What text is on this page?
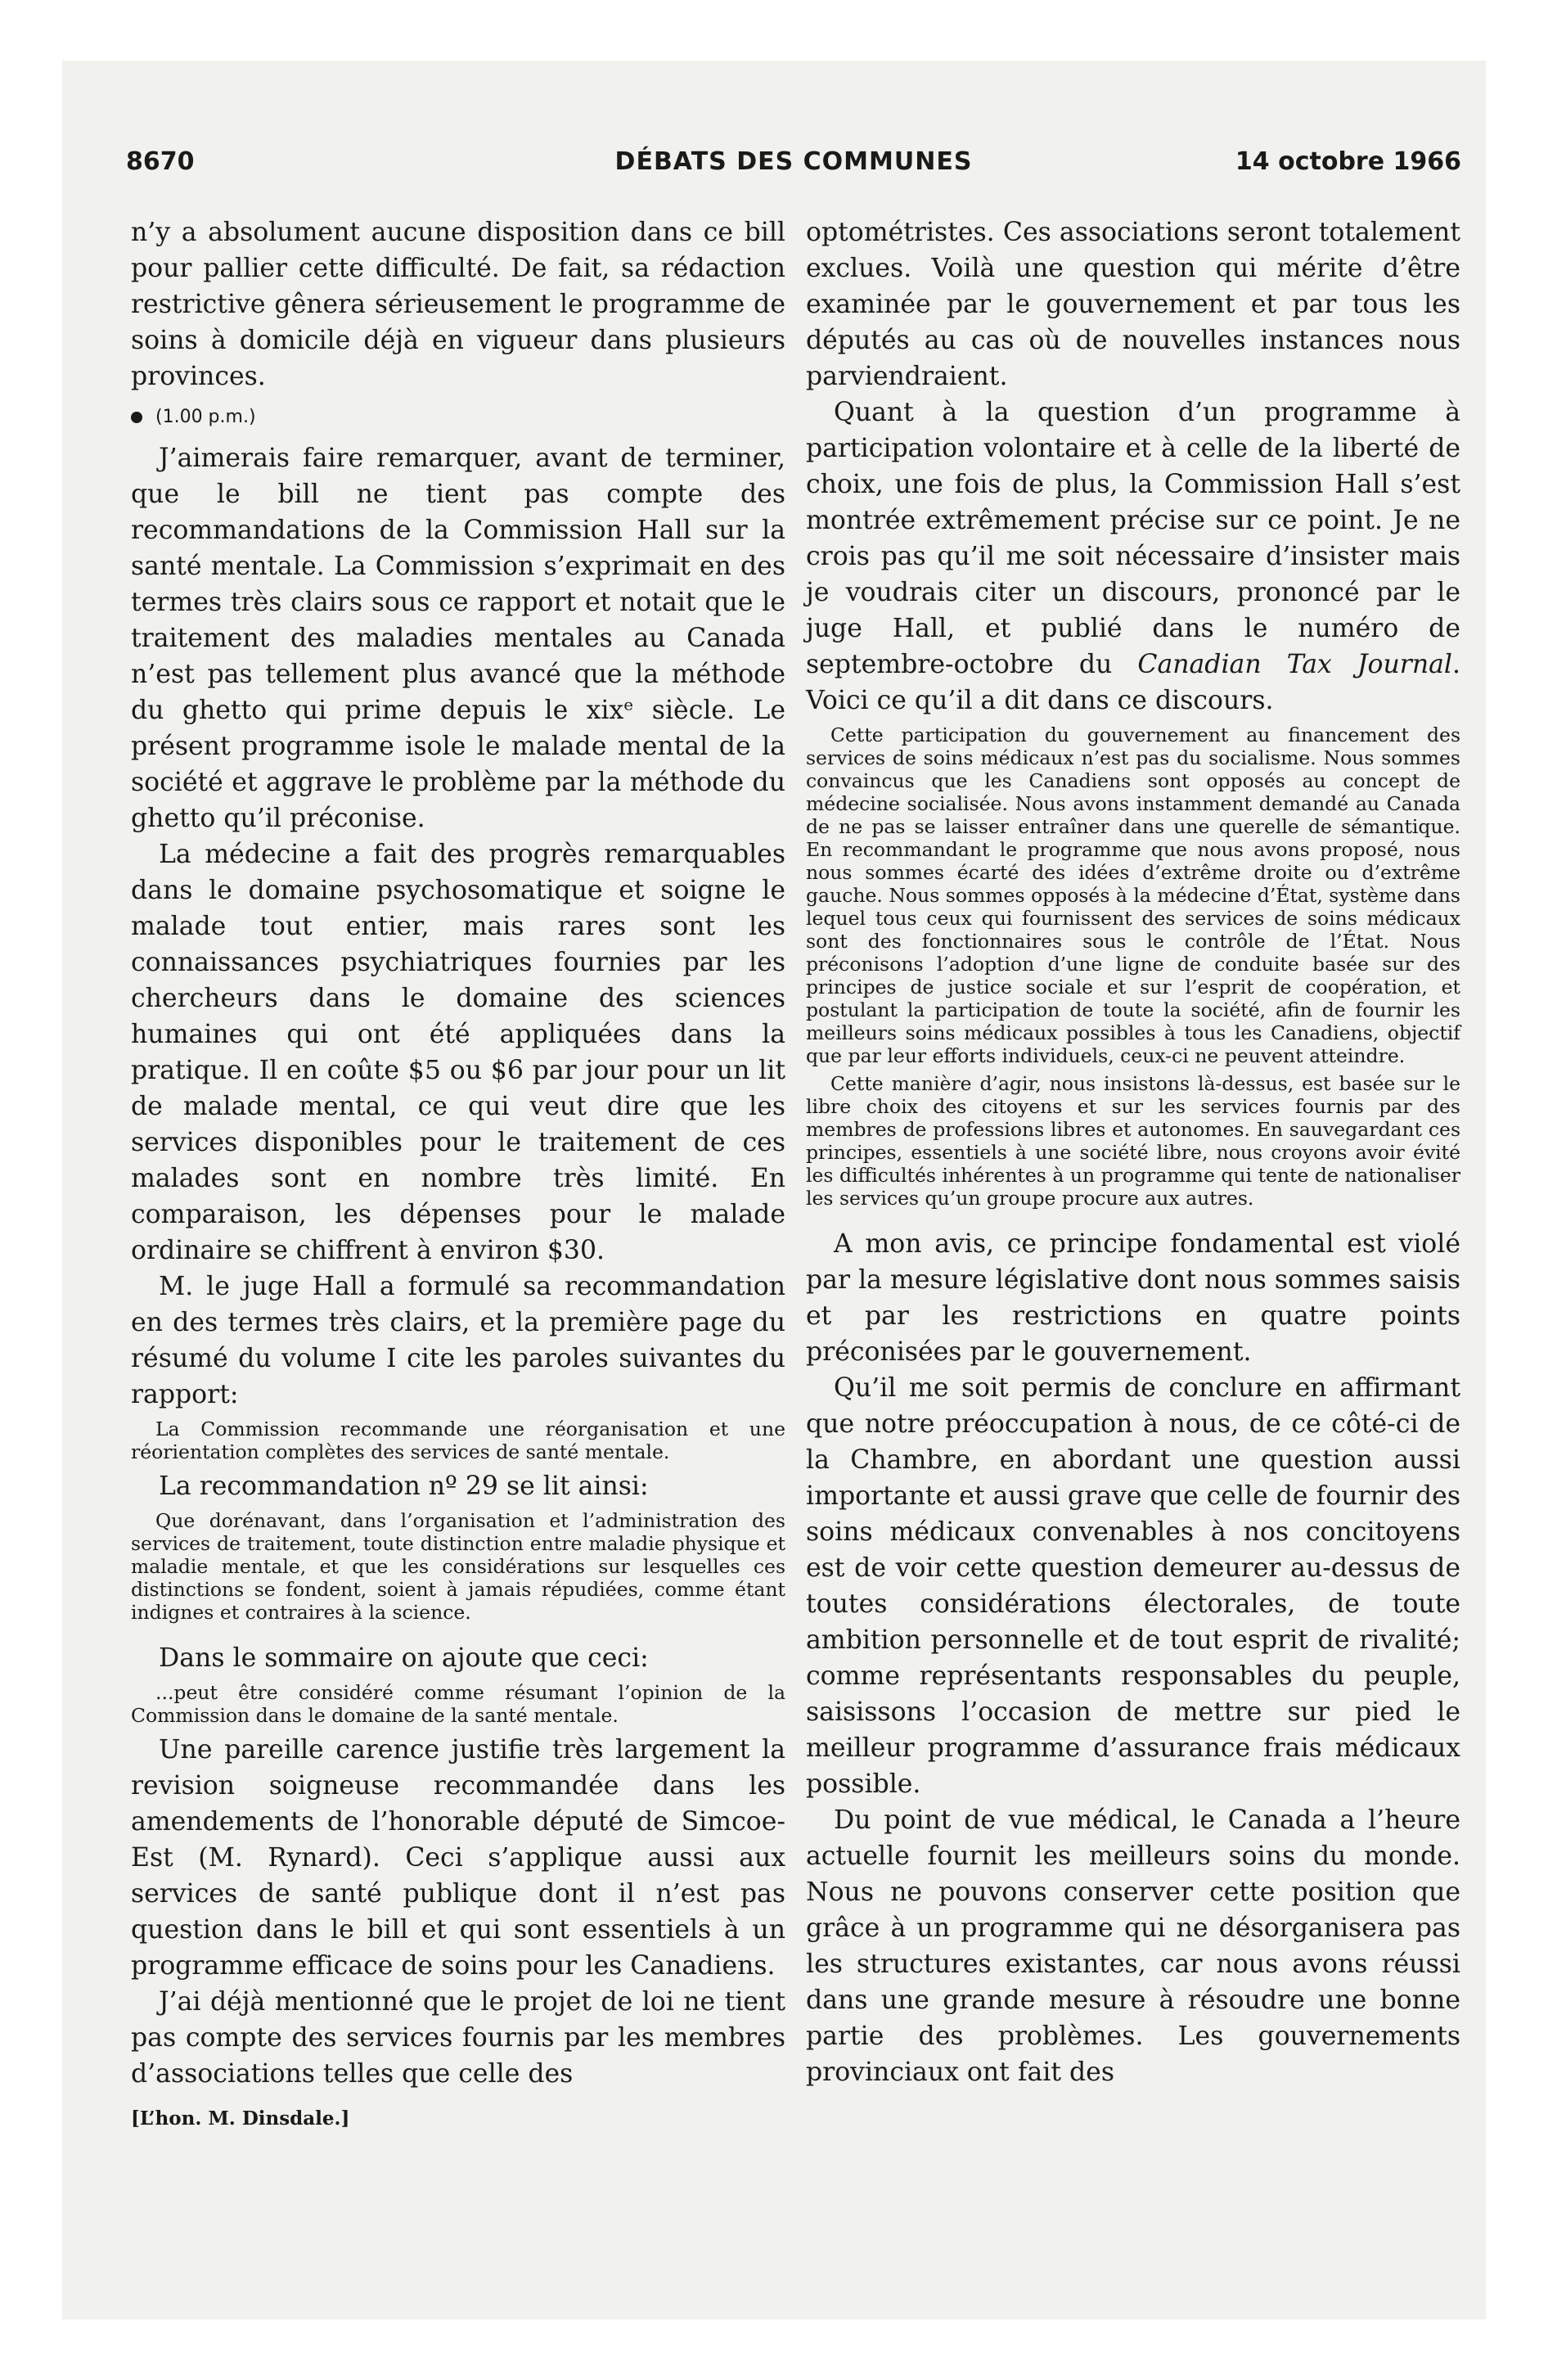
8670	DÉBATS DES COMMUNES	14 octobre 1966

n’y a absolument aucune disposition dans ce bill pour pallier cette difficulté. De fait, sa rédaction restrictive gênera sérieusement le programme de soins à domicile déjà en vigueur dans plusieurs provinces.

(1.00 p.m.)

J’aimerais faire remarquer, avant de terminer, que le bill ne tient pas compte des recommandations de la Commission Hall sur la santé mentale. La Commission s’exprimait en des termes très clairs sous ce rapport et notait que le traitement des maladies mentales au Canada n’est pas tellement plus avancé que la méthode du ghetto qui prime depuis le xixᵉ siècle. Le présent programme isole le malade mental de la société et aggrave le problème par la méthode du ghetto qu’il préconise.

La médecine a fait des progrès remarquables dans le domaine psychosomatique et soigne le malade tout entier, mais rares sont les connaissances psychiatriques fournies par les chercheurs dans le domaine des sciences humaines qui ont été appliquées dans la pratique. Il en coûte $5 ou $6 par jour pour un lit de malade mental, ce qui veut dire que les services disponibles pour le traitement de ces malades sont en nombre très limité. En comparaison, les dépenses pour le malade ordinaire se chiffrent à environ $30.

M. le juge Hall a formulé sa recommandation en des termes très clairs, et la première page du résumé du volume I cite les paroles suivantes du rapport:

La Commission recommande une réorganisation et une réorientation complètes des services de santé mentale.

La recommandation nº 29 se lit ainsi:

Que dorénavant, dans l’organisation et l’administration des services de traitement, toute distinction entre maladie physique et maladie mentale, et que les considérations sur lesquelles ces distinctions se fondent, soient à jamais répudiées, comme étant indignes et contraires à la science.

Dans le sommaire on ajoute que ceci:

...peut être considéré comme résumant l’opinion de la Commission dans le domaine de la santé mentale.

Une pareille carence justifie très largement la revision soigneuse recommandée dans les amendements de l’honorable député de Simcoe-Est (M. Rynard). Ceci s’applique aussi aux services de santé publique dont il n’est pas question dans le bill et qui sont essentiels à un programme efficace de soins pour les Canadiens.

J’ai déjà mentionné que le projet de loi ne tient pas compte des services fournis par les membres d’associations telles que celle des

[L’hon. M. Dinsdale.]

optométristes. Ces associations seront totalement exclues. Voilà une question qui mérite d’être examinée par le gouvernement et par tous les députés au cas où de nouvelles instances nous parviendraient.

Quant à la question d’un programme à participation volontaire et à celle de la liberté de choix, une fois de plus, la Commission Hall s’est montrée extrêmement précise sur ce point. Je ne crois pas qu’il me soit nécessaire d’insister mais je voudrais citer un discours, prononcé par le juge Hall, et publié dans le numéro de septembre-octobre du Canadian Tax Journal. Voici ce qu’il a dit dans ce discours.

Cette participation du gouvernement au financement des services de soins médicaux n’est pas du socialisme. Nous sommes convaincus que les Canadiens sont opposés au concept de médecine socialisée. Nous avons instamment demandé au Canada de ne pas se laisser entraîner dans une querelle de sémantique. En recommandant le programme que nous avons proposé, nous nous sommes écarté des idées d’extrême droite ou d’extrême gauche. Nous sommes opposés à la médecine d’État, système dans lequel tous ceux qui fournissent des services de soins médicaux sont des fonctionnaires sous le contrôle de l’État. Nous préconisons l’adoption d’une ligne de conduite basée sur des principes de justice sociale et sur l’esprit de coopération, et postulant la participation de toute la société, afin de fournir les meilleurs soins médicaux possibles à tous les Canadiens, objectif que par leur efforts individuels, ceux-ci ne peuvent atteindre.

Cette manière d’agir, nous insistons là-dessus, est basée sur le libre choix des citoyens et sur les services fournis par des membres de professions libres et autonomes. En sauvegardant ces principes, essentiels à une société libre, nous croyons avoir évité les difficultés inhérentes à un programme qui tente de nationaliser les services qu’un groupe procure aux autres.

A mon avis, ce principe fondamental est violé par la mesure législative dont nous sommes saisis et par les restrictions en quatre points préconisées par le gouvernement.

Qu’il me soit permis de conclure en affirmant que notre préoccupation à nous, de ce côté-ci de la Chambre, en abordant une question aussi importante et aussi grave que celle de fournir des soins médicaux convenables à nos concitoyens est de voir cette question demeurer au-dessus de toutes considérations électorales, de toute ambition personnelle et de tout esprit de rivalité; comme représentants responsables du peuple, saisissons l’occasion de mettre sur pied le meilleur programme d’assurance frais médicaux possible.

Du point de vue médical, le Canada a l’heure actuelle fournit les meilleurs soins du monde. Nous ne pouvons conserver cette position que grâce à un programme qui ne désorganisera pas les structures existantes, car nous avons réussi dans une grande mesure à résoudre une bonne partie des problèmes. Les gouvernements provinciaux ont fait des
